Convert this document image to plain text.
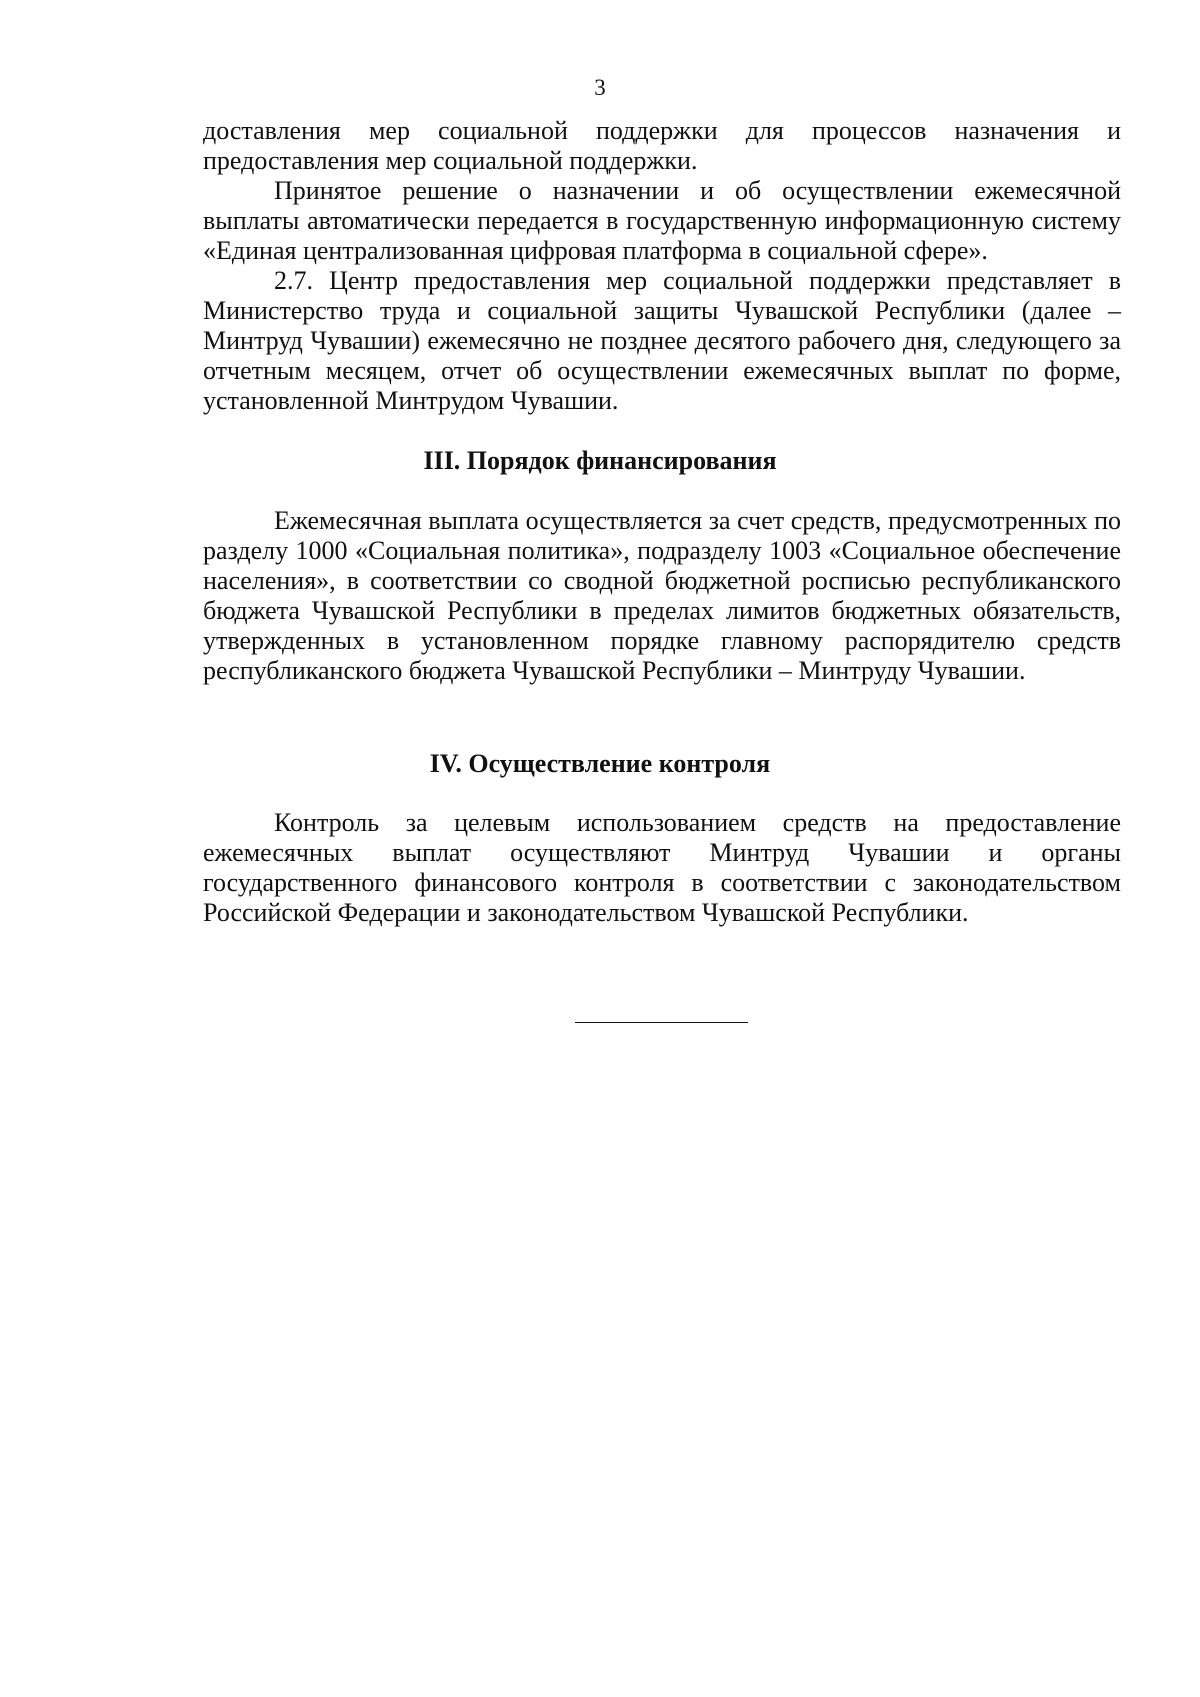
3

доставления мер социальной поддержки для процессов назначения и предоставления мер социальной поддержки.

Принятое решение о назначении и об осуществлении ежемесячной выплаты автоматически передается в государственную информационную систему «Единая централизованная цифровая платформа в социальной сфере».

2.7. Центр предоставления мер социальной поддержки представляет в Министерство труда и социальной защиты Чувашской Республики (далее – Минтруд Чувашии) ежемесячно не позднее десятого рабочего дня, следующего за отчетным месяцем, отчет об осуществлении ежемесячных выплат по форме, установленной Минтрудом Чувашии.

III. Порядок финансирования

Ежемесячная выплата осуществляется за счет средств, предусмотренных по разделу 1000 «Социальная политика», подразделу 1003 «Социальное обеспечение населения», в соответствии со сводной бюджетной росписью республиканского бюджета Чувашской Республики в пределах лимитов бюджетных обязательств, утвержденных в установленном порядке главному распорядителю средств республиканского бюджета Чувашской Республики – Минтруду Чувашии.

IV. Осуществление контроля

Контроль за целевым использованием средств на предоставление ежемесячных выплат осуществляют Минтруд Чувашии и органы государственного финансового контроля в соответствии с законодательством Российской Федерации и законодательством Чувашской Республики.
